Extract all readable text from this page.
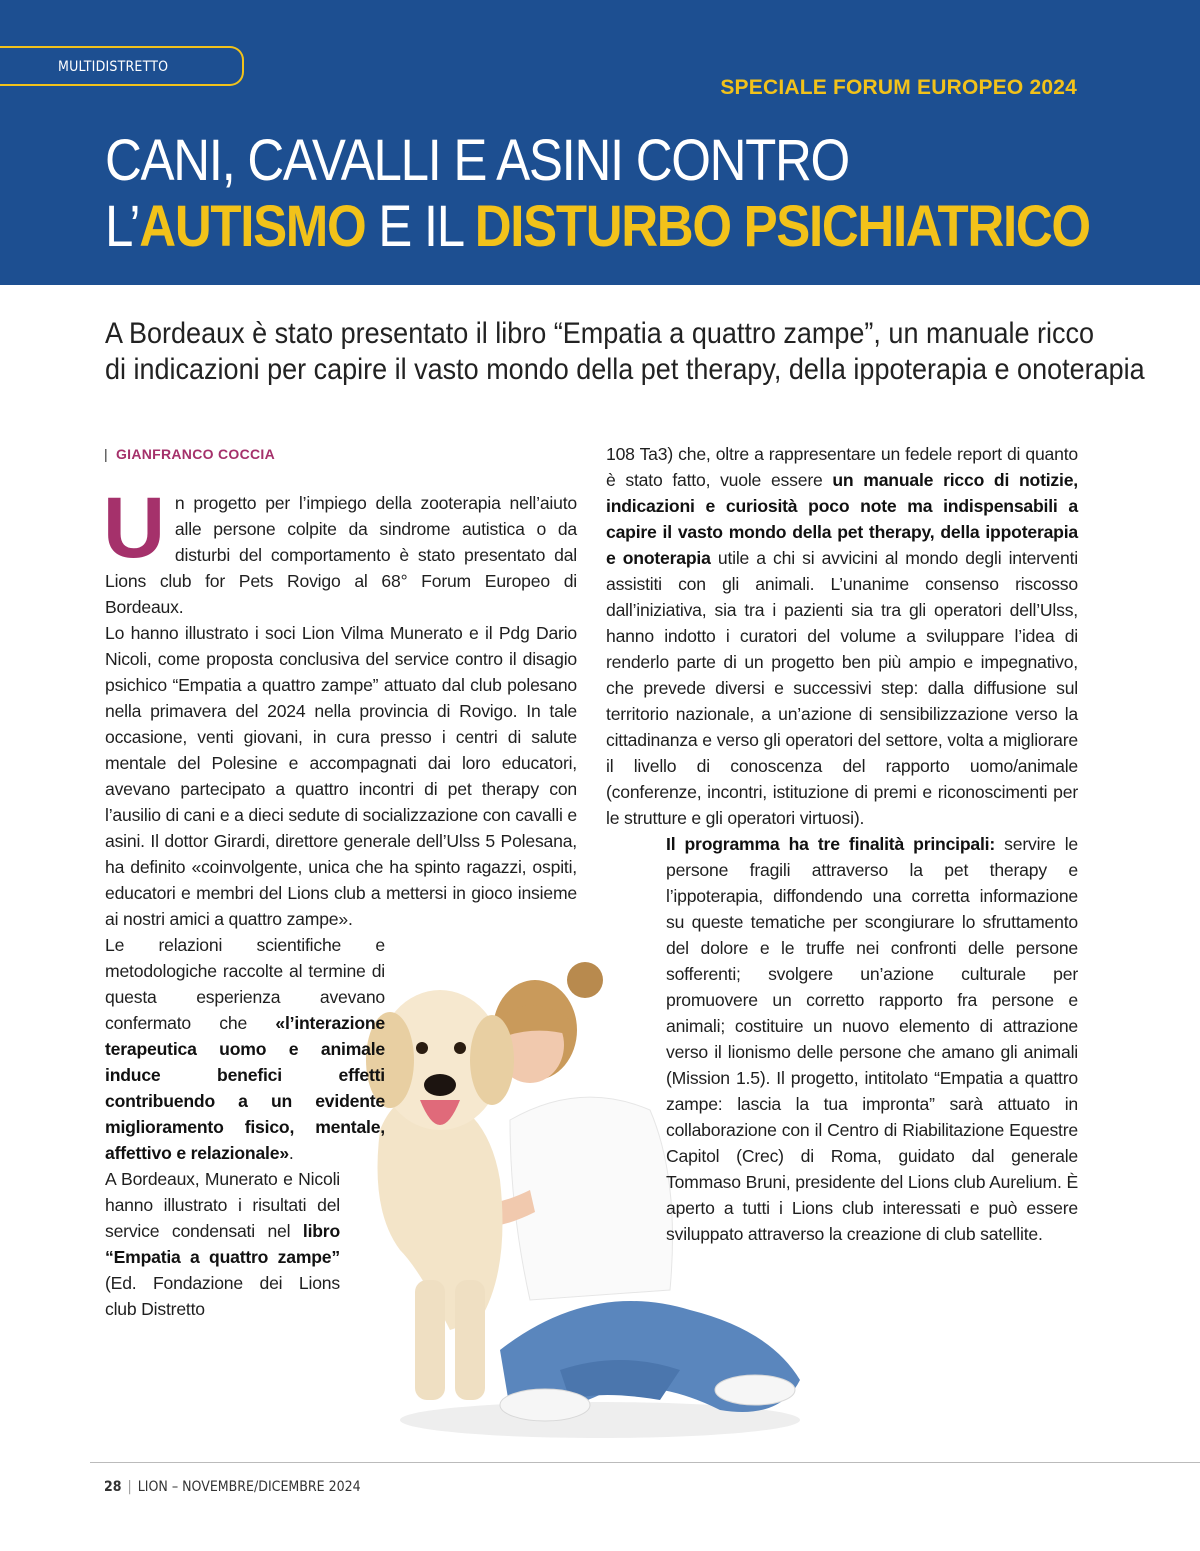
MULTIDISTRETTO
SPECIALE FORUM EUROPEO 2024
CANI, CAVALLI E ASINI CONTRO
L’AUTISMO E IL DISTURBO PSICHIATRICO
A Bordeaux è stato presentato il libro “Empatia a quattro zampe”, un manuale ricco
di indicazioni per capire il vasto mondo della pet therapy, della ippoterapia e onoterapia
| GIANFRANCO COCCIA
U n progetto per l’impiego della zooterapia nell’aiuto alle persone colpite da sindrome autistica o da disturbi del comportamento è stato presentato dal Lions club for Pets Rovigo al 68° Forum Europeo di Bordeaux.

Lo hanno illustrato i soci Lion Vilma Munerato e il Pdg Dario Nicoli, come proposta conclusiva del service contro il disagio psichico “Empatia a quattro zampe” attuato dal club polesano nella primavera del 2024 nella provincia di Rovigo. In tale occasione, venti giovani, in cura presso i centri di salute mentale del Polesine e accompagnati dai loro educatori, avevano partecipato a quattro incontri di pet therapy con l’ausilio di cani e a dieci sedute di socializzazione con cavalli e asini. Il dottor Girardi, direttore generale dell’Ulss 5 Polesana, ha definito «coinvolgente, unica che ha spinto ragazzi, ospiti, educatori e membri del Lions club a mettersi in gioco insieme ai nostri amici a quattro zampe».

Le relazioni scientifiche e metodologiche raccolte al termine di questa esperienza avevano confermato che «l’interazione terapeutica uomo e animale induce benefici effetti contribuendo a un evidente miglioramento fisico, mentale, affettivo e relazionale».

A Bordeaux, Munerato e Nicoli hanno illustrato i risultati del service condensati nel libro “Empatia a quattro zampe” (Ed. Fondazione dei Lions club Distretto

108 Ta3) che, oltre a rappresentare un fedele report di quanto è stato fatto, vuole essere un manuale ricco di notizie, indicazioni e curiosità poco note ma indispensabili a capire il vasto mondo della pet therapy, della ippoterapia e onoterapia utile a chi si avvicini al mondo degli interventi assistiti con gli animali. L’unanime consenso riscosso dall’iniziativa, sia tra i pazienti sia tra gli operatori dell’Ulss, hanno indotto i curatori del volume a sviluppare l’idea di renderlo parte di un progetto ben più ampio e impegnativo, che prevede diversi e successivi step: dalla diffusione sul territorio nazionale, a un’azione di sensibilizzazione verso la cittadinanza e verso gli operatori del settore, volta a migliorare il livello di conoscenza del rapporto uomo/animale (conferenze, incontri, istituzione di premi e riconoscimenti per le strutture e gli operatori virtuosi).

Il programma ha tre finalità principali: servire le persone fragili attraverso la pet therapy e l’ippoterapia, diffondendo una corretta informazione su queste tematiche per scongiurare lo sfruttamento del dolore e le truffe nei confronti delle persone sofferenti; svolgere un’azione culturale per promuovere un corretto rapporto fra persone e animali; costituire un nuovo elemento di attrazione verso il lionismo delle persone che amano gli animali (Mission 1.5). Il progetto, intitolato “Empatia a quattro zampe: lascia la tua impronta” sarà attuato in collaborazione con il Centro di Riabilitazione Equestre Capitol (Crec) di Roma, guidato dal generale Tommaso Bruni, presidente del Lions club Aurelium. È aperto a tutti i Lions club interessati e può essere sviluppato attraverso la creazione di club satellite.

28 | LION – NOVEMBRE/DICEMBRE 2024
